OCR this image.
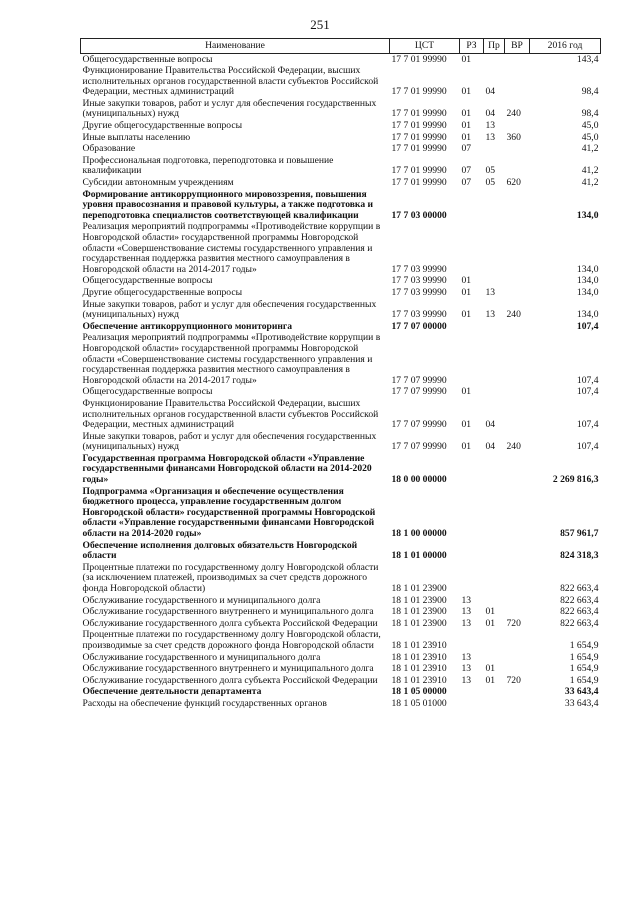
251
Наименование	ЦСТ	РЗ	Пр	ВР	2016 год
Общегосударственные вопросы	17 7 01 99990	01			143,4
Функционирование Правительства Российской Федерации, высших исполнительных органов государственной власти субъектов Российской Федерации, местных администраций	17 7 01 99990	01	04		98,4
Иные закупки товаров, работ и услуг для обеспечения государственных (муниципальных) нужд	17 7 01 99990	01	04	240	98,4
Другие общегосударственные вопросы	17 7 01 99990	01	13		45,0
Иные выплаты населению	17 7 01 99990	01	13	360	45,0
Образование	17 7 01 99990	07			41,2
Профессиональная подготовка, переподготовка и повышение квалификации	17 7 01 99990	07	05		41,2
Субсидии автономным учреждениям	17 7 01 99990	07	05	620	41,2
Формирование антикоррупционного мировоззрения, повышения уровня правосознания и правовой культуры, а также подготовка и переподготовка специалистов соответствующей квалификации	17 7 03 00000				134,0
Реализация мероприятий подпрограммы «Противодействие коррупции в Новгородской области» государственной программы Новгородской области «Совершенствование системы государственного управления и государственная поддержка развития местного самоуправления в Новгородской области на 2014-2017 годы»	17 7 03 99990				134,0
Общегосударственные вопросы	17 7 03 99990	01			134,0
Другие общегосударственные вопросы	17 7 03 99990	01	13		134,0
Иные закупки товаров, работ и услуг для обеспечения государственных (муниципальных) нужд	17 7 03 99990	01	13	240	134,0
Обеспечение антикоррупционного мониторинга	17 7 07 00000				107,4
Реализация мероприятий подпрограммы «Противодействие коррупции в Новгородской области» государственной программы Новгородской области «Совершенствование системы государственного управления и государственная поддержка развития местного самоуправления в Новгородской области на 2014-2017 годы»	17 7 07 99990				107,4
Общегосударственные вопросы	17 7 07 99990	01			107,4
Функционирование Правительства Российской Федерации, высших исполнительных органов государственной власти субъектов Российской Федерации, местных администраций	17 7 07 99990	01	04		107,4
Иные закупки товаров, работ и услуг для обеспечения государственных (муниципальных) нужд	17 7 07 99990	01	04	240	107,4
Государственная программа Новгородской области «Управление государственными финансами Новгородской области на 2014-2020 годы»	18 0 00 00000				2 269 816,3
Подпрограмма «Организация и обеспечение осуществления бюджетного процесса, управление государственным долгом Новгородской области» государственной программы Новгородской области «Управление государственными финансами Новгородской области на 2014-2020 годы»	18 1 00 00000				857 961,7
Обеспечение исполнения долговых обязательств Новгородской области	18 1 01 00000				824 318,3
Процентные платежи по государственному долгу Новгородской области (за исключением платежей, производимых за счет средств дорожного фонда Новгородской области)	18 1 01 23900				822 663,4
Обслуживание государственного и муниципального долга	18 1 01 23900	13			822 663,4
Обслуживание государственного внутреннего и муниципального долга	18 1 01 23900	13	01		822 663,4
Обслуживание государственного долга субъекта Российской Федерации	18 1 01 23900	13	01	720	822 663,4
Процентные платежи по государственному долгу Новгородской области, производимые за счет средств дорожного фонда Новгородской области	18 1 01 23910				1 654,9
Обслуживание государственного и муниципального долга	18 1 01 23910	13			1 654,9
Обслуживание государственного внутреннего и муниципального долга	18 1 01 23910	13	01		1 654,9
Обслуживание государственного долга субъекта Российской Федерации	18 1 01 23910	13	01	720	1 654,9
Обеспечение деятельности департамента	18 1 05 00000				33 643,4
Расходы на обеспечение функций государственных органов	18 1 05 01000				33 643,4
